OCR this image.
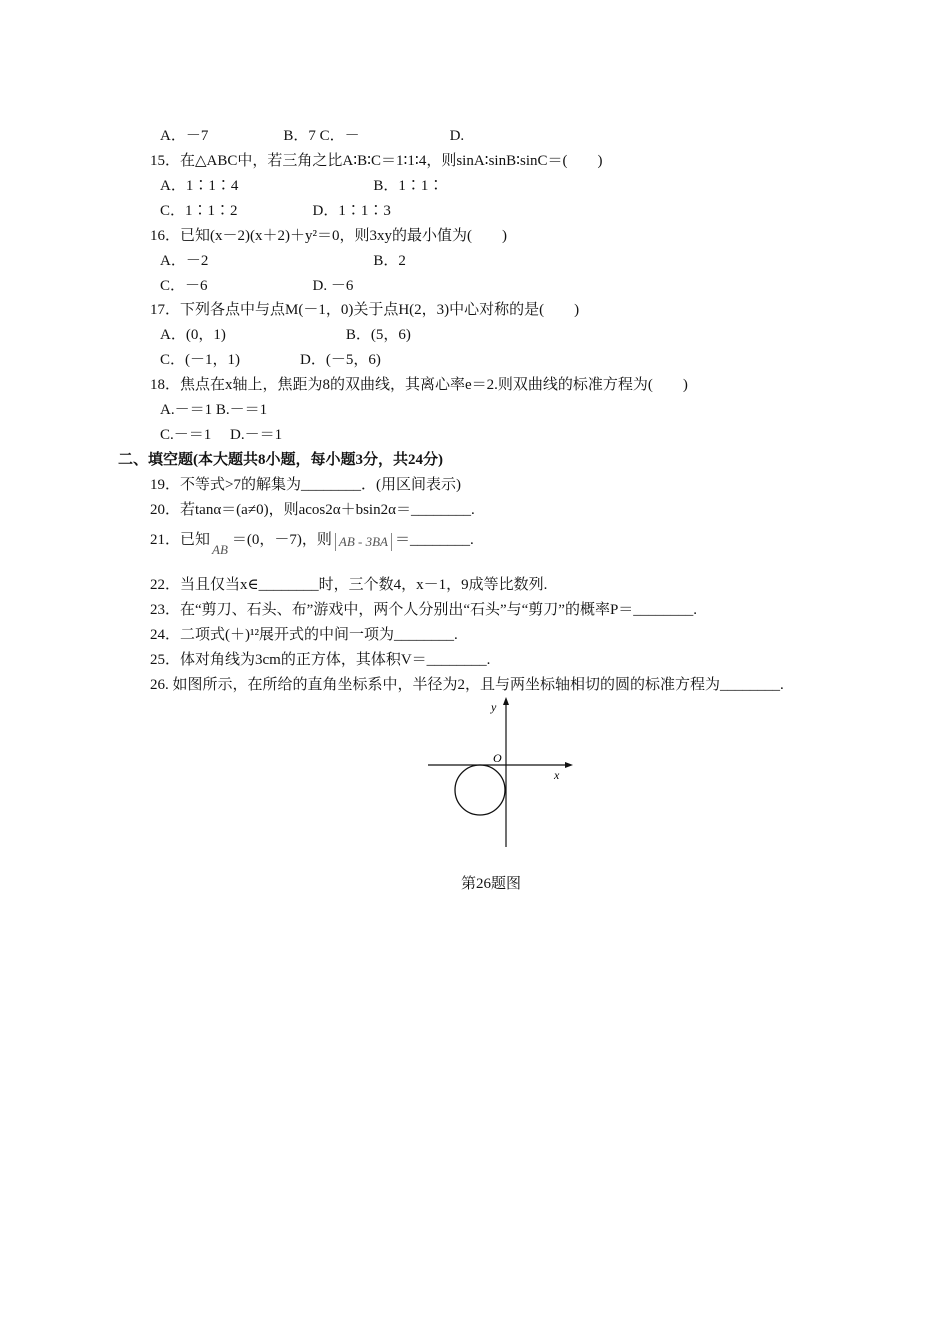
A．－7　　　　　B．7 C．－　　　　　　D.
15．在△ABC中，若三角之比A∶B∶C＝1∶1∶4，则sinA∶sinB∶sinC＝(　　)
A．1∶1∶4　　　　　　　　　B．1∶1∶
C．1∶1∶2　　　　　D．1∶1∶3
16．已知(x－2)(x＋2)＋y²＝0，则3xy的最小值为(　　)
A．－2　　　　　　　　　　　B．2
C．－6　　　　　　　D. －6
17．下列各点中与点M(－1，0)关于点H(2，3)中心对称的是(　　)
A．(0，1)　　　　　　　　B．(5，6)
C．(－1，1)　　　　D．(－5，6)
18．焦点在x轴上，焦距为8的双曲线，其离心率e＝2.则双曲线的标准方程为(　　)
A.－＝1 B.－＝1
C.－＝1　 D.－＝1
二、填空题(本大题共8小题，每小题3分，共24分)
19．不等式>7的解集为________．(用区间表示)
20．若tanα＝(a≠0)，则acos2α＋bsin2α＝________.
21．已知AB＝(0，－7)，则 AB - 3BA ＝________.
22．当且仅当x∈________时，三个数4，x－1，9成等比数列.
23．在“剪刀、石头、布”游戏中，两个人分别出“石头”与“剪刀”的概率P＝________.
24．二项式(＋)¹²展开式的中间一项为________.
25．体对角线为3cm的正方体，其体积V＝________.
26. 如图所示，在所给的直角坐标系中，半径为2，且与两坐标轴相切的圆的标准方程为________.
x
y
O
第26题图
